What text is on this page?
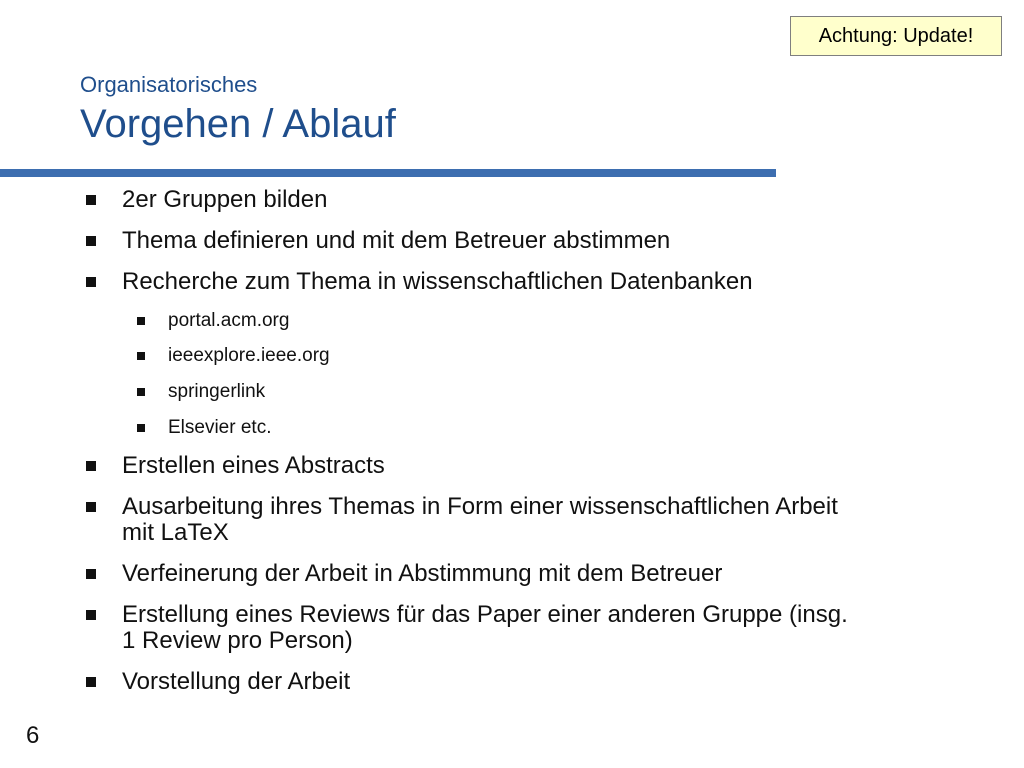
Achtung: Update!
Organisatorisches
Vorgehen / Ablauf
2er Gruppen bilden
Thema definieren und mit dem Betreuer abstimmen
Recherche zum Thema in wissenschaftlichen Datenbanken
portal.acm.org
ieeexplore.ieee.org
springerlink
Elsevier etc.
Erstellen eines Abstracts
Ausarbeitung ihres Themas in Form einer wissenschaftlichen Arbeit
mit LaTeX
Verfeinerung der Arbeit in Abstimmung mit dem Betreuer
Erstellung eines Reviews für das Paper einer anderen Gruppe (insg.
1 Review pro Person)
Vorstellung der Arbeit
6
